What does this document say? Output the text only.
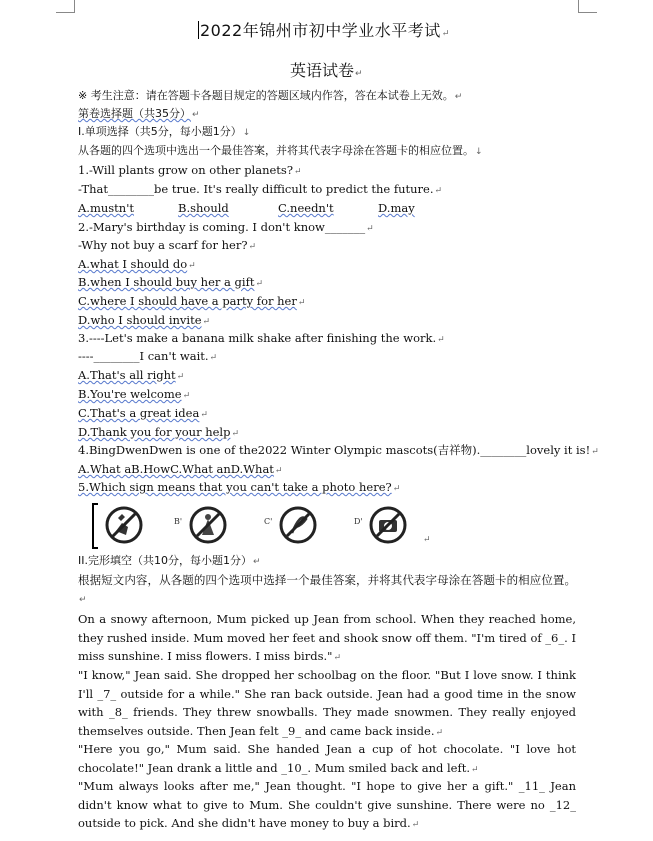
2022年锦州市初中学业水平考试↵
英语试卷↵
※ 考生注意：请在答题卡各题目规定的答题区域内作答，答在本试卷上无效。↵
第卷选择题（共35分）↵
I.单项选择（共5分，每小题1分）↓
从各题的四个选项中选出一个最佳答案，并将其代表字母涂在答题卡的相应位置。↓
1.-Will plants grow on other planets?↵
-That________be true. It's really difficult to predict the future.↵
A.mustn't	B.should	C.needn't	D.may
2.-Mary's birthday is coming. I don't know_______↵
-Why not buy a scarf for her?↵
A.what I should do↵
B.when I should buy her a gift↵
C.where I should have a party for her↵
D.who I should invite↵
3.----Let's make a banana milk shake after finishing the work.↵
----________I can't wait.↵
A.That's all right↵
B.You're welcome↵
C.That's a great idea↵
D.Thank you for your help↵
4.BingDwenDwen is one of the2022 Winter Olympic mascots(吉祥物).________lovely it is!↵
A.What aB.HowC.What anD.What↵
5.Which sign means that you can't take a photo here?↵
B'	C'	D'
↵
II.完形填空（共10分，每小题1分）↵
根据短文内容，从各题的四个选项中选择一个最佳答案，并将其代表字母涂在答题卡的相应位置。↵
On a snowy afternoon, Mum picked up Jean from school. When they reached home, they rushed inside. Mum moved her feet and shook snow off them. "I'm tired of _6_. I miss sunshine. I miss flowers. I miss birds."↵
"I know," Jean said. She dropped her schoolbag on the floor. "But I love snow. I think I'll _7_ outside for a while." She ran back outside. Jean had a good time in the snow with _8_ friends. They threw snowballs. They made snowmen. They really enjoyed themselves outside. Then Jean felt _9_ and came back inside.↵
"Here you go," Mum said. She handed Jean a cup of hot chocolate. "I love hot chocolate!" Jean drank a little and _10_. Mum smiled back and left.↵
"Mum always looks after me," Jean thought. "I hope to give her a gift." _11_ Jean didn't know what to give to Mum. She couldn't give sunshine. There were no _12_ outside to pick. And she didn't have money to buy a bird.↵
